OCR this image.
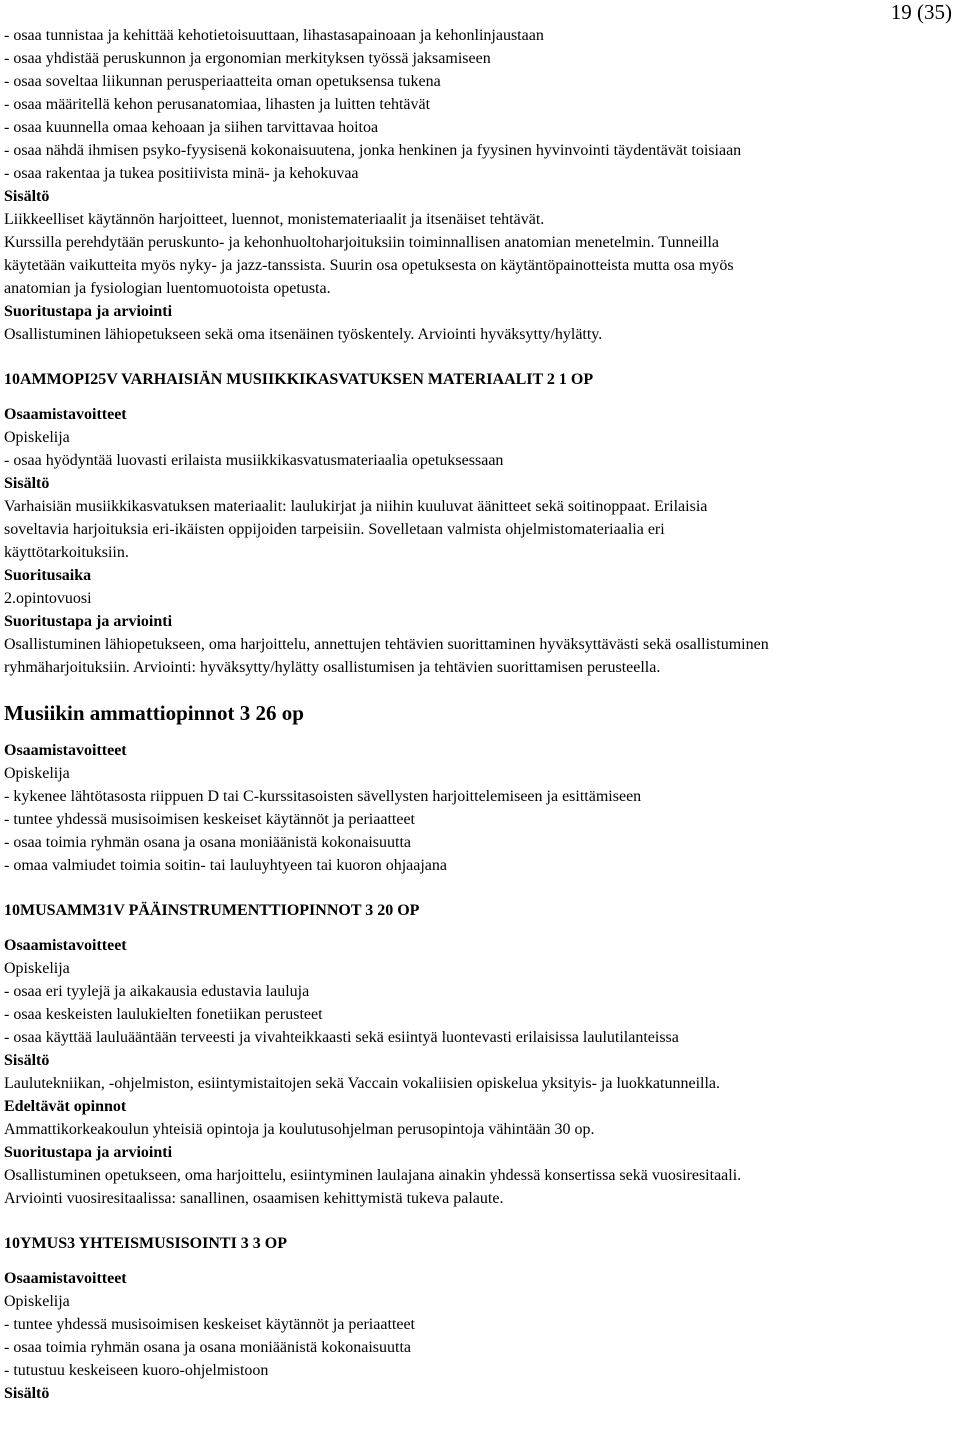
19 (35)
- osaa tunnistaa ja kehittää kehotietoisuuttaan, lihastasapainoaan ja kehonlinjaustaan
- osaa yhdistää peruskunnon ja ergonomian merkityksen työssä jaksamiseen
- osaa soveltaa liikunnan perusperiaatteita oman opetuksensa tukena
- osaa määritellä kehon perusanatomiaa, lihasten ja luitten tehtävät
- osaa kuunnella omaa kehoaan ja siihen tarvittavaa hoitoa
- osaa nähdä ihmisen psyko-fyysisenä kokonaisuutena, jonka henkinen ja fyysinen hyvinvointi täydentävät toisiaan
- osaa rakentaa ja tukea positiivista minä- ja kehokuvaa
Sisältö
Liikkeelliset käytännön harjoitteet, luennot, monistemateriaalit ja itsenäiset tehtävät.
Kurssilla perehdytään peruskunto- ja kehonhuoltoharjoituksiin toiminnallisen anatomian menetelmin. Tunneilla
käytetään vaikutteita myös nyky- ja jazz-tanssista. Suurin osa opetuksesta on käytäntöpainotteista mutta osa myös
anatomian ja fysiologian luentomuotoista opetusta.
Suoritustapa ja arviointi
Osallistuminen lähiopetukseen sekä oma itsenäinen työskentely. Arviointi hyväksytty/hylätty.
10AMMOPI25V VARHAISIÄN MUSIIKKIKASVATUKSEN MATERIAALIT 2 1 OP
Osaamistavoitteet
Opiskelija
- osaa hyödyntää luovasti erilaista musiikkikasvatusmateriaalia opetuksessaan
Sisältö
Varhaisiän musiikkikasvatuksen materiaalit: laulukirjat ja niihin kuuluvat äänitteet sekä soitinoppaat. Erilaisia
soveltavia harjoituksia eri-ikäisten oppijoiden tarpeisiin. Sovelletaan valmista ohjelmistomateriaalia eri
käyttötarkoituksiin.
Suoritusaika
2.opintovuosi
Suoritustapa ja arviointi
Osallistuminen lähiopetukseen, oma harjoittelu, annettujen tehtävien suorittaminen hyväksyttävästi sekä osallistuminen
ryhmäharjoituksiin. Arviointi: hyväksytty/hylätty osallistumisen ja tehtävien suorittamisen perusteella.
Musiikin ammattiopinnot 3 26 op
Osaamistavoitteet
Opiskelija
- kykenee lähtötasosta riippuen D tai C-kurssitasoisten sävellysten harjoittelemiseen ja esittämiseen
- tuntee yhdessä musisoimisen keskeiset käytännöt ja periaatteet
- osaa toimia ryhmän osana ja osana moniäänistä kokonaisuutta
- omaa valmiudet toimia soitin- tai lauluyhtyeen tai kuoron ohjaajana
10MUSAMM31V PÄÄINSTRUMENTTIOPINNOT 3 20 OP
Osaamistavoitteet
Opiskelija
- osaa eri tyylejä ja aikakausia edustavia lauluja
- osaa keskeisten laulukielten fonetiikan perusteet
- osaa käyttää lauluääntään terveesti ja vivahteikkaasti sekä esiintyä luontevasti erilaisissa laulutilanteissa
Sisältö
Laulutekniikan, -ohjelmiston, esiintymistaitojen sekä Vaccain vokaliisien opiskelua yksityis- ja luokkatunneilla.
Edeltävät opinnot
Ammattikorkeakoulun yhteisiä opintoja ja koulutusohjelman perusopintoja vähintään 30 op.
Suoritustapa ja arviointi
Osallistuminen opetukseen, oma harjoittelu, esiintyminen laulajana ainakin yhdessä konsertissa sekä vuosiresitaali.
Arviointi vuosiresitaalissa: sanallinen, osaamisen kehittymistä tukeva palaute.
10YMUS3 YHTEISMUSISOINTI 3 3 OP
Osaamistavoitteet
Opiskelija
- tuntee yhdessä musisoimisen keskeiset käytännöt ja periaatteet
- osaa toimia ryhmän osana ja osana moniäänistä kokonaisuutta
- tutustuu keskeiseen kuoro-ohjelmistoon
Sisältö
